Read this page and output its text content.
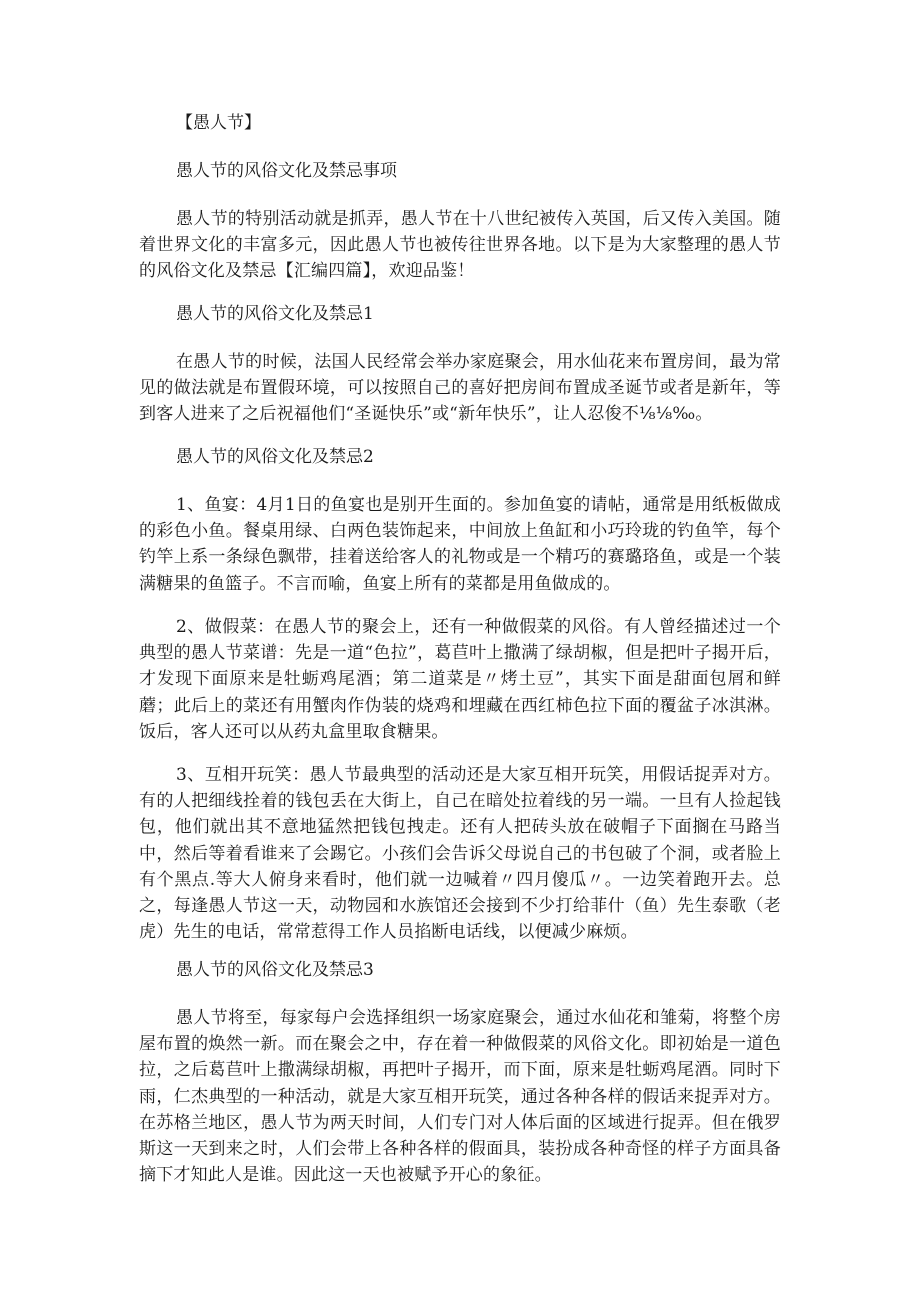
【愚人节】

愚人节的风俗文化及禁忌事项

愚人节的特别活动就是抓弄，愚人节在十八世纪被传入英国，后又传入美国。随着世界文化的丰富多元，因此愚人节也被传往世界各地。以下是为大家整理的愚人节的风俗文化及禁忌【汇编四篇】，欢迎品鉴！

愚人节的风俗文化及禁忌1

在愚人节的时候，法国人民经常会举办家庭聚会，用水仙花来布置房间，最为常见的做法就是布置假环境，可以按照自己的喜好把房间布置成圣诞节或者是新年，等到客人进来了之后祝福他们“圣诞快乐”或“新年快乐”，让人忍俊不⅛⅛‰。

愚人节的风俗文化及禁忌2

1、鱼宴：4月1日的鱼宴也是别开生面的。参加鱼宴的请帖，通常是用纸板做成的彩色小鱼。餐桌用绿、白两色装饰起来，中间放上鱼缸和小巧玲珑的钓鱼竿，每个钓竿上系一条绿色飘带，挂着送给客人的礼物或是一个精巧的赛璐珞鱼，或是一个装满糖果的鱼篮子。不言而喻，鱼宴上所有的菜都是用鱼做成的。

2、做假菜：在愚人节的聚会上，还有一种做假菜的风俗。有人曾经描述过一个典型的愚人节菜谱：先是一道“色拉”，葛苣叶上撒满了绿胡椒，但是把叶子揭开后，才发现下面原来是牡蛎鸡尾酒；第二道菜是〃烤土豆”，其实下面是甜面包屑和鲜蘑；此后上的菜还有用蟹肉作伪装的烧鸡和埋藏在西红柿色拉下面的覆盆子冰淇淋。饭后，客人还可以从药丸盒里取食糖果。

3、互相开玩笑：愚人节最典型的活动还是大家互相开玩笑，用假话捉弄对方。有的人把细线拴着的钱包丢在大街上，自己在暗处拉着线的另一端。一旦有人捡起钱包，他们就出其不意地猛然把钱包拽走。还有人把砖头放在破帽子下面搁在马路当中，然后等着看谁来了会踢它。小孩们会告诉父母说自己的书包破了个洞，或者脸上有个黑点.等大人俯身来看时，他们就一边喊着〃四月傻瓜〃。一边笑着跑开去。总之，每逢愚人节这一天，动物园和水族馆还会接到不少打给菲什（鱼）先生泰歌（老虎）先生的电话，常常惹得工作人员掐断电话线，以便减少麻烦。

愚人节的风俗文化及禁忌3

愚人节将至，每家每户会选择组织一场家庭聚会，通过水仙花和雏菊，将整个房屋布置的焕然一新。而在聚会之中，存在着一种做假菜的风俗文化。即初始是一道色拉，之后葛苣叶上撒满绿胡椒，再把叶子揭开，而下面，原来是牡蛎鸡尾酒。同时下雨，仁杰典型的一种活动，就是大家互相开玩笑，通过各种各样的假话来捉弄对方。在苏格兰地区，愚人节为两天时间，人们专门对人体后面的区域进行捉弄。但在俄罗斯这一天到来之时，人们会带上各种各样的假面具，装扮成各种奇怪的样子方面具备摘下才知此人是谁。因此这一天也被赋予开心的象征。
